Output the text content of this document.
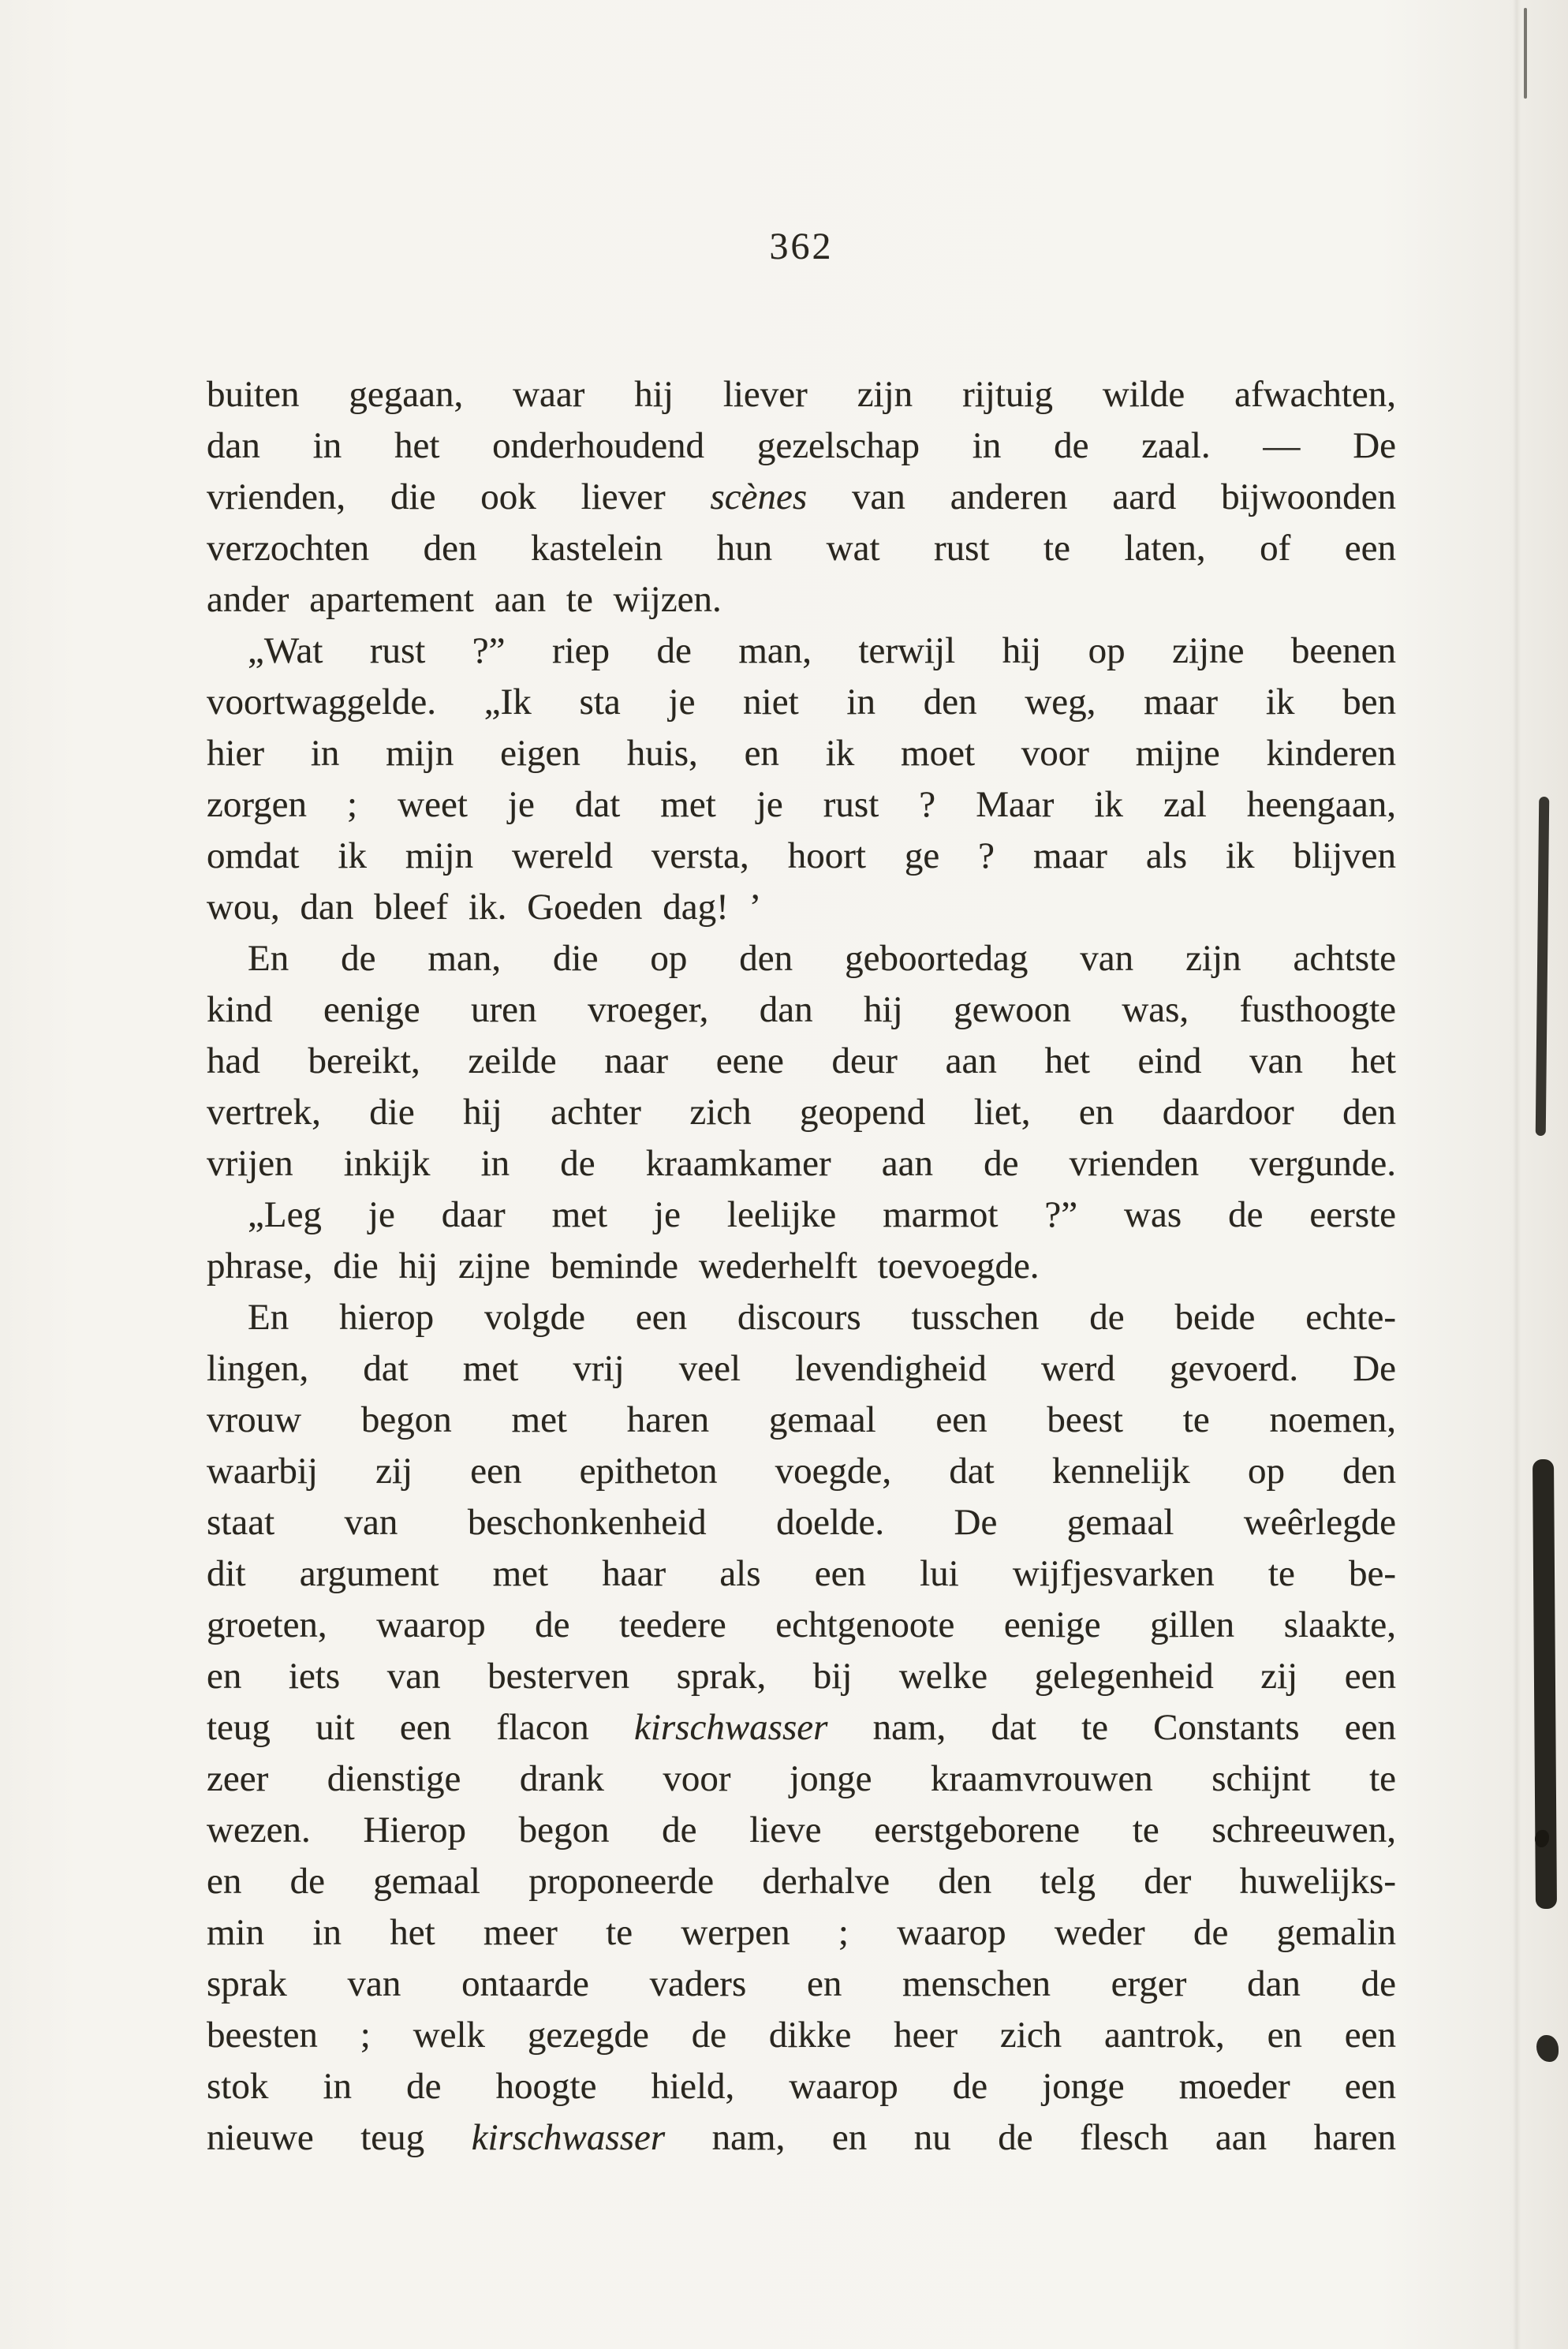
362
buiten gegaan, waar hij liever zijn rijtuig wilde afwachten,
dan in het onderhoudend gezelschap in de zaal. — De
vrienden, die ook liever scènes van anderen aard bijwoonden
verzochten den kastelein hun wat rust te laten, of een
ander apartement aan te wijzen.
„Wat rust ?” riep de man, terwijl hij op zijne beenen
voortwaggelde. „Ik sta je niet in den weg, maar ik ben
hier in mijn eigen huis, en ik moet voor mijne kinderen
zorgen ; weet je dat met je rust ? Maar ik zal heengaan,
omdat ik mijn wereld versta, hoort ge ? maar als ik blijven
wou, dan bleef ik. Goeden dag! ’
En de man, die op den geboortedag van zijn achtste
kind eenige uren vroeger, dan hij gewoon was, fusthoogte
had bereikt, zeilde naar eene deur aan het eind van het
vertrek, die hij achter zich geopend liet, en daardoor den
vrijen inkijk in de kraamkamer aan de vrienden vergunde.
„Leg je daar met je leelijke marmot ?” was de eerste
phrase, die hij zijne beminde wederhelft toevoegde.
En hierop volgde een discours tusschen de beide echte-
lingen, dat met vrij veel levendigheid werd gevoerd. De
vrouw begon met haren gemaal een beest te noemen,
waarbij zij een epitheton voegde, dat kennelijk op den
staat van beschonkenheid doelde. De gemaal weêrlegde
dit argument met haar als een lui wijfjesvarken te be-
groeten, waarop de teedere echtgenoote eenige gillen slaakte,
en iets van besterven sprak, bij welke gelegenheid zij een
teug uit een flacon kirschwasser nam, dat te Constants een
zeer dienstige drank voor jonge kraamvrouwen schijnt te
wezen. Hierop begon de lieve eerstgeborene te schreeuwen,
en de gemaal proponeerde derhalve den telg der huwelijks-
min in het meer te werpen ; waarop weder de gemalin
sprak van ontaarde vaders en menschen erger dan de
beesten ; welk gezegde de dikke heer zich aantrok, en een
stok in de hoogte hield, waarop de jonge moeder een
nieuwe teug kirschwasser nam, en nu de flesch aan haren
